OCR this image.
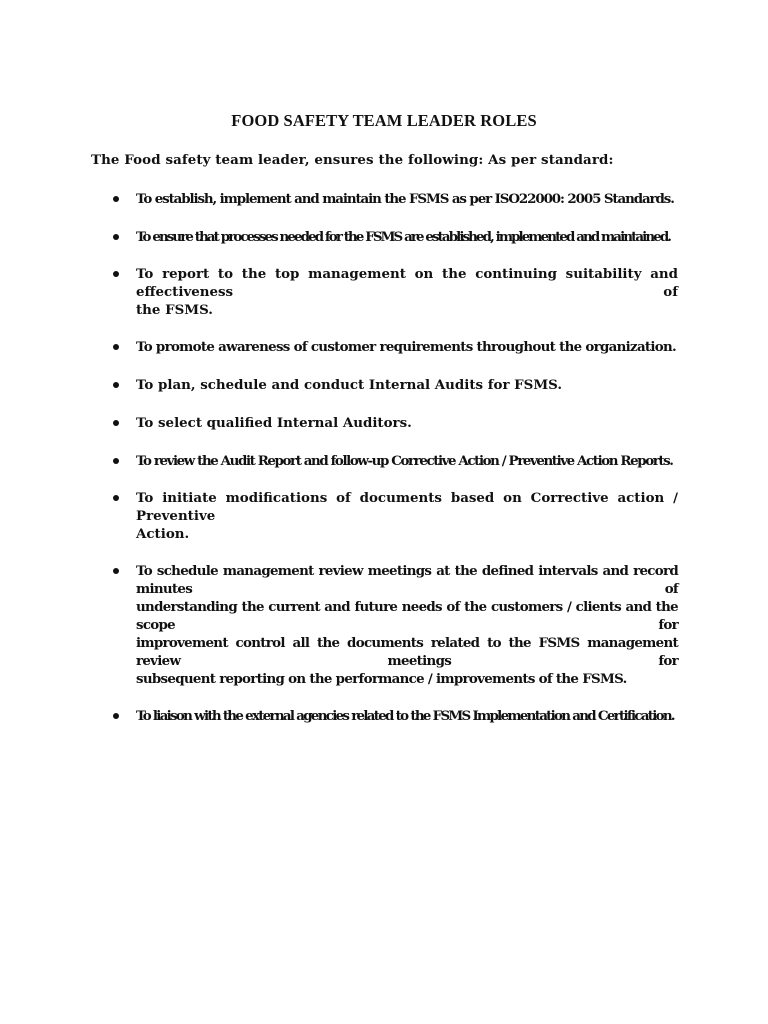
FOOD SAFETY TEAM LEADER ROLES
The Food safety team leader, ensures the following: As per standard:
To establish, implement and maintain the FSMS as per ISO22000: 2005 Standards.
To ensure that processes needed for the FSMS are established, implemented and maintained.
To report to the top management on the continuing suitability and effectiveness of
the FSMS.
To promote awareness of customer requirements throughout the organization.
To plan, schedule and conduct Internal Audits for FSMS.
To select qualified Internal Auditors.
To review the Audit Report and follow-up Corrective Action / Preventive Action Reports.
To initiate modifications of documents based on Corrective action / Preventive
Action.
To schedule management review meetings at the defined intervals and record minutes of
understanding the current and future needs of the customers / clients and the scope for
improvement control all the documents related to the FSMS management review meetings for
subsequent reporting on the performance / improvements of the FSMS.
To liaison with the external agencies related to the FSMS Implementation and Certification.
